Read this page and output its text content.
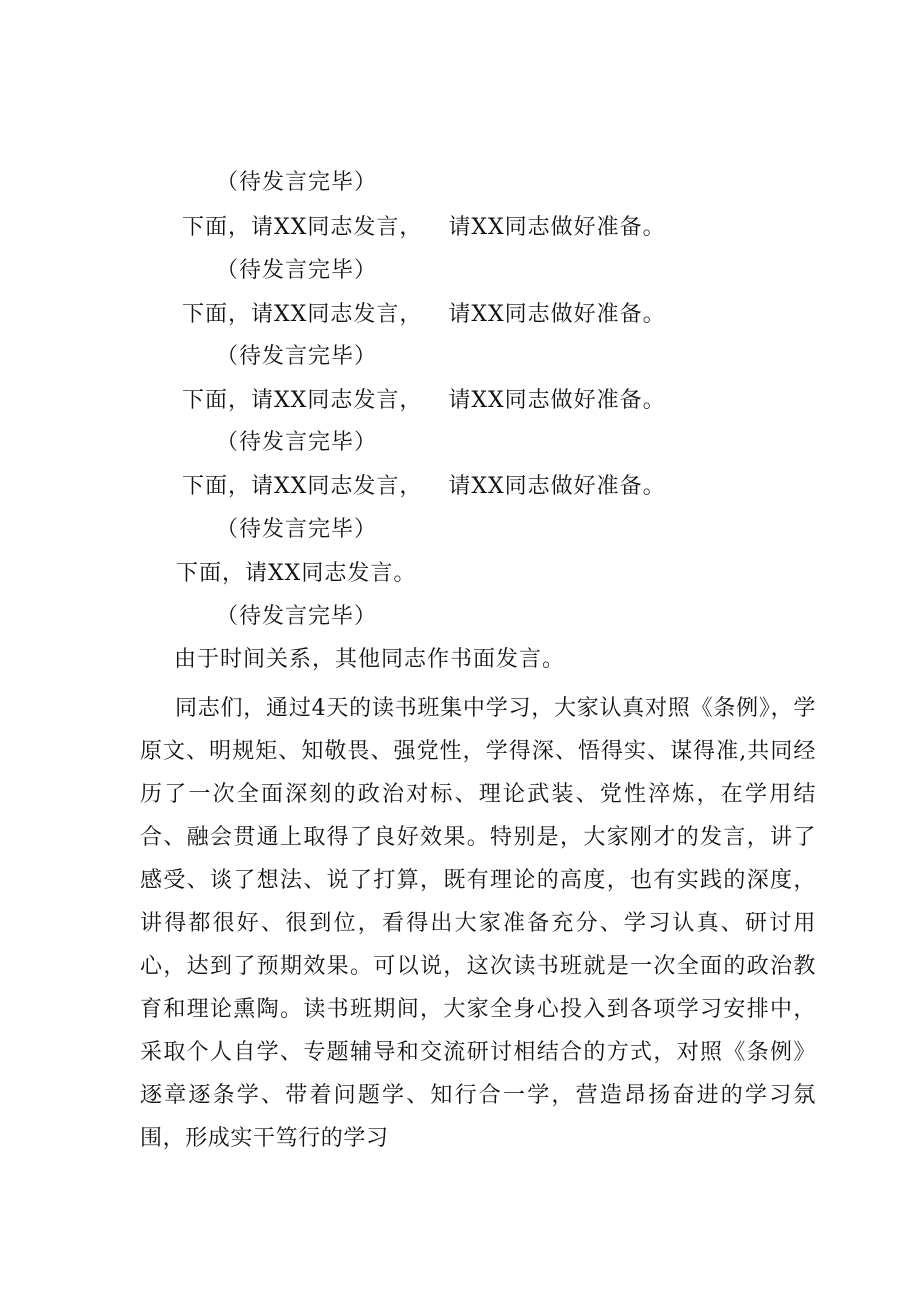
（待发言完毕）
下面，请XX同志发言， 请XX同志做好准备。
（待发言完毕）
下面，请XX同志发言， 请XX同志做好准备。
（待发言完毕）
下面，请XX同志发言， 请XX同志做好准备。
（待发言完毕）
下面，请XX同志发言， 请XX同志做好准备。
（待发言完毕）
下面，请XX同志发言。
（待发言完毕）
由于时间关系，其他同志作书面发言。

同志们，通过4天的读书班集中学习，大家认真对照《条例》，学原文、明规矩、知敬畏、强党性，学得深、悟得实、谋得准,共同经历了一次全面深刻的政治对标、理论武装、党性淬炼，在学用结合、融会贯通上取得了良好效果。特别是，大家刚才的发言，讲了感受、谈了想法、说了打算，既有理论的高度，也有实践的深度，讲得都很好、很到位，看得出大家准备充分、学习认真、研讨用心，达到了预期效果。可以说，这次读书班就是一次全面的政治教育和理论熏陶。读书班期间，大家全身心投入到各项学习安排中，采取个人自学、专题辅导和交流研讨相结合的方式，对照《条例》逐章逐条学、带着问题学、知行合一学，营造昂扬奋进的学习氛围，形成实干笃行的学习
